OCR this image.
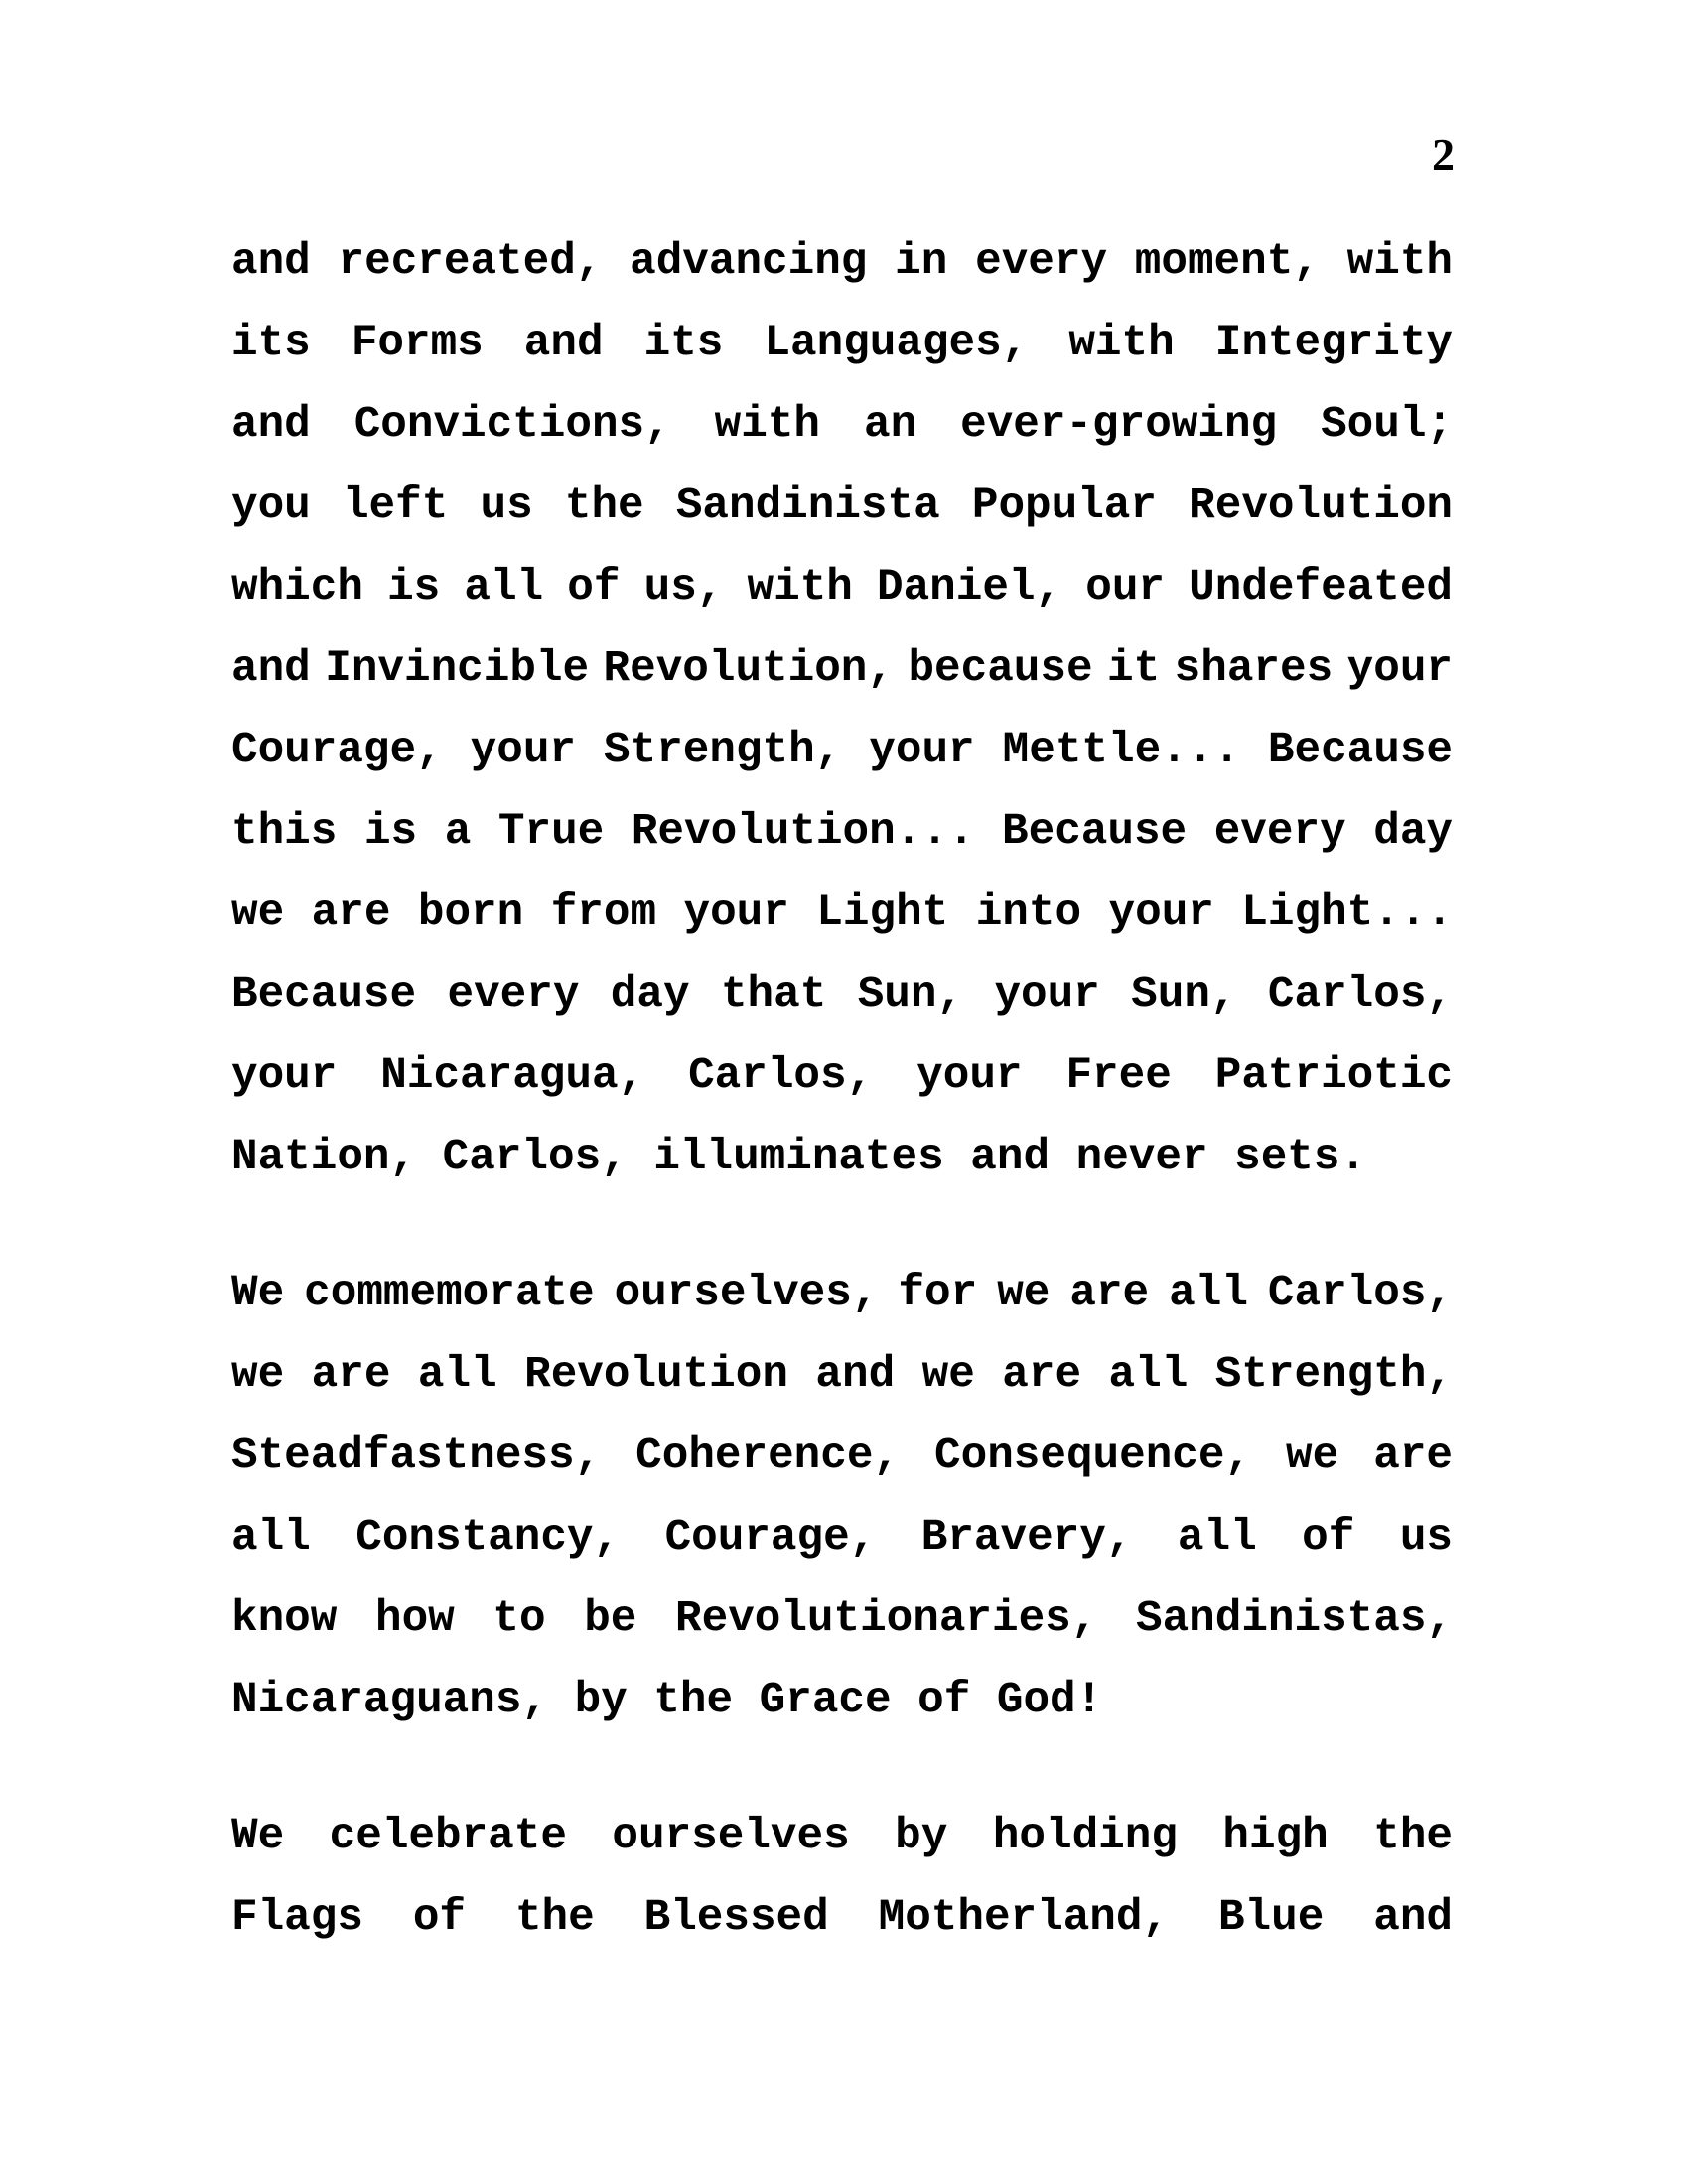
2
and recreated, advancing in every moment, with
its Forms and its Languages, with Integrity
and Convictions, with an ever-growing Soul;
you left us the Sandinista Popular Revolution
which is all of us, with Daniel, our Undefeated
and Invincible Revolution, because it shares your
Courage, your Strength, your Mettle... Because
this is a True Revolution... Because every day
we are born from your Light into your Light...
Because every day that Sun, your Sun, Carlos,
your Nicaragua, Carlos, your Free Patriotic
Nation, Carlos, illuminates and never sets.
We commemorate ourselves, for we are all Carlos,
we are all Revolution and we are all Strength,
Steadfastness, Coherence, Consequence, we are
all Constancy, Courage, Bravery, all of us
know how to be Revolutionaries, Sandinistas,
Nicaraguans, by the Grace of God!
We celebrate ourselves by holding high the
Flags of the Blessed Motherland, Blue and
